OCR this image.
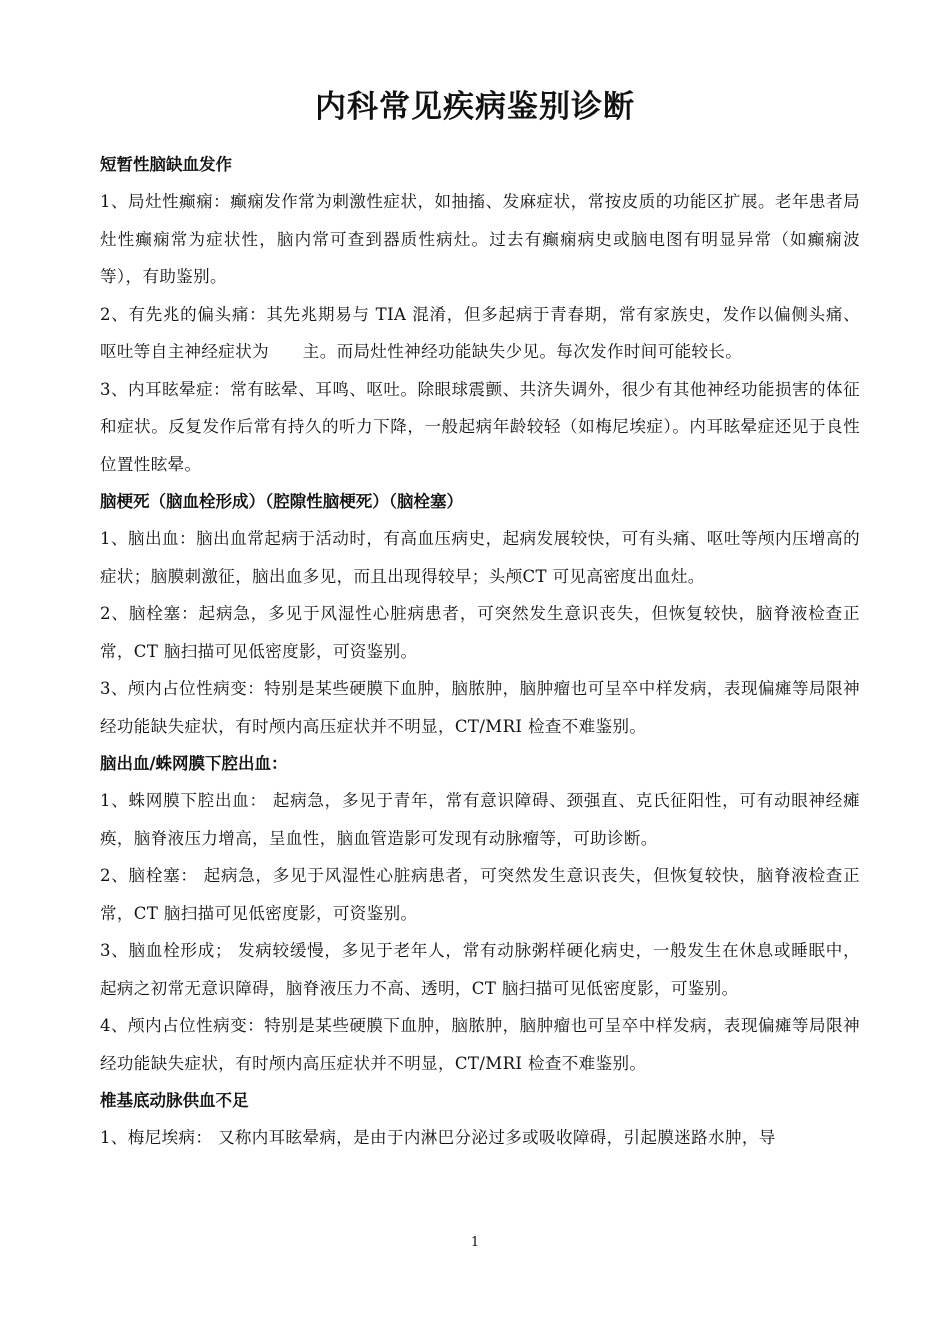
内科常见疾病鉴别诊断

短暂性脑缺血发作

1、局灶性癫痫：癫痫发作常为刺激性症状，如抽搐、发麻症状，常按皮质的功能区扩展。老年患者局灶性癫痫常为症状性，脑内常可查到器质性病灶。过去有癫痫病史或脑电图有明显异常（如癫痫波等），有助鉴别。

2、有先兆的偏头痛：其先兆期易与 TIA 混淆，但多起病于青春期，常有家族史，发作以偏侧头痛、呕吐等自主神经症状为　　主。而局灶性神经功能缺失少见。每次发作时间可能较长。

3、内耳眩晕症：常有眩晕、耳鸣、呕吐。除眼球震颤、共济失调外，很少有其他神经功能损害的体征和症状。反复发作后常有持久的听力下降，一般起病年龄较轻（如梅尼埃症）。内耳眩晕症还见于良性位置性眩晕。

脑梗死（脑血栓形成）（腔隙性脑梗死）（脑栓塞）

1、脑出血：脑出血常起病于活动时，有高血压病史，起病发展较快，可有头痛、呕吐等颅内压增高的症状；脑膜刺激征，脑出血多见，而且出现得较早；头颅CT 可见高密度出血灶。

2、脑栓塞：起病急，多见于风湿性心脏病患者，可突然发生意识丧失，但恢复较快，脑脊液检查正常，CT 脑扫描可见低密度影，可资鉴别。

3、颅内占位性病变：特别是某些硬膜下血肿，脑脓肿，脑肿瘤也可呈卒中样发病，表现偏瘫等局限神经功能缺失症状，有时颅内高压症状并不明显，CT/MRI 检查不难鉴别。

脑出血/蛛网膜下腔出血：

1、蛛网膜下腔出血： 起病急，多见于青年，常有意识障碍、颈强直、克氏征阳性，可有动眼神经瘫痪，脑脊液压力增高，呈血性，脑血管造影可发现有动脉瘤等，可助诊断。

2、脑栓塞： 起病急，多见于风湿性心脏病患者，可突然发生意识丧失，但恢复较快，脑脊液检查正常，CT 脑扫描可见低密度影，可资鉴别。

3、脑血栓形成； 发病较缓慢，多见于老年人，常有动脉粥样硬化病史，一般发生在休息或睡眠中，起病之初常无意识障碍，脑脊液压力不高、透明，CT 脑扫描可见低密度影，可鉴别。

4、颅内占位性病变：特别是某些硬膜下血肿，脑脓肿，脑肿瘤也可呈卒中样发病，表现偏瘫等局限神经功能缺失症状，有时颅内高压症状并不明显，CT/MRI 检查不难鉴别。

椎基底动脉供血不足

1、梅尼埃病： 又称内耳眩晕病，是由于内淋巴分泌过多或吸收障碍，引起膜迷路水肿，导

1
